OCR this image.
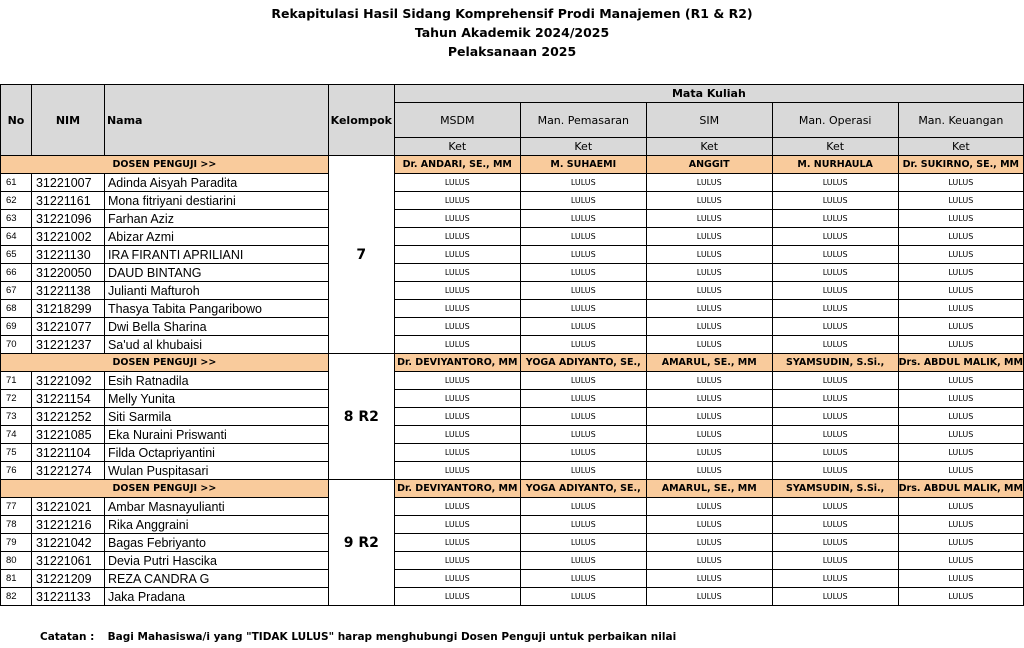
Rekapitulasi Hasil Sidang Komprehensif Prodi Manajemen (R1 & R2)
Tahun Akademik 2024/2025
Pelaksanaan 2025
No	NIM	Nama	Kelompok	Mata Kuliah				
				MSDM	Man. Pemasaran	SIM	Man. Operasi	Man. Keuangan
				Ket	Ket	Ket	Ket	Ket
DOSEN PENGUJI >>			7	Dr. ANDARI, SE., MM	M. SUHAEMI	ANGGIT	M. NURHAULA	Dr. SUKIRNO, SE., MM
61	31221007	Adinda Aisyah Paradita		LULUS	LULUS	LULUS	LULUS	LULUS
62	31221161	Mona fitriyani destiarini		LULUS	LULUS	LULUS	LULUS	LULUS
63	31221096	Farhan Aziz		LULUS	LULUS	LULUS	LULUS	LULUS
64	31221002	Abizar Azmi		LULUS	LULUS	LULUS	LULUS	LULUS
65	31221130	IRA FIRANTI APRILIANI		LULUS	LULUS	LULUS	LULUS	LULUS
66	31220050	DAUD BINTANG		LULUS	LULUS	LULUS	LULUS	LULUS
67	31221138	Julianti Mafturoh		LULUS	LULUS	LULUS	LULUS	LULUS
68	31218299	Thasya Tabita Pangaribowo		LULUS	LULUS	LULUS	LULUS	LULUS
69	31221077	Dwi Bella Sharina		LULUS	LULUS	LULUS	LULUS	LULUS
70	31221237	Sa'ud al khubaisi		LULUS	LULUS	LULUS	LULUS	LULUS
DOSEN PENGUJI >>			8 R2	Dr. DEVIYANTORO, MM	YOGA ADIYANTO, SE.,	AMARUL, SE., MM	SYAMSUDIN, S.Si.,	Drs. ABDUL MALIK, MM
71	31221092	Esih Ratnadila		LULUS	LULUS	LULUS	LULUS	LULUS
72	31221154	Melly Yunita		LULUS	LULUS	LULUS	LULUS	LULUS
73	31221252	Siti Sarmila		LULUS	LULUS	LULUS	LULUS	LULUS
74	31221085	Eka Nuraini Priswanti		LULUS	LULUS	LULUS	LULUS	LULUS
75	31221104	Filda Octapriyantini		LULUS	LULUS	LULUS	LULUS	LULUS
76	31221274	Wulan Puspitasari		LULUS	LULUS	LULUS	LULUS	LULUS
DOSEN PENGUJI >>			9 R2	Dr. DEVIYANTORO, MM	YOGA ADIYANTO, SE.,	AMARUL, SE., MM	SYAMSUDIN, S.Si.,	Drs. ABDUL MALIK, MM
77	31221021	Ambar Masnayulianti		LULUS	LULUS	LULUS	LULUS	LULUS
78	31221216	Rika Anggraini		LULUS	LULUS	LULUS	LULUS	LULUS
79	31221042	Bagas Febriyanto		LULUS	LULUS	LULUS	LULUS	LULUS
80	31221061	Devia Putri Hascika		LULUS	LULUS	LULUS	LULUS	LULUS
81	31221209	REZA CANDRA G		LULUS	LULUS	LULUS	LULUS	LULUS
82	31221133	Jaka Pradana		LULUS	LULUS	LULUS	LULUS	LULUS
Catatan : Bagi Mahasiswa/i yang "TIDAK LULUS" harap menghubungi Dosen Penguji untuk perbaikan nilai
